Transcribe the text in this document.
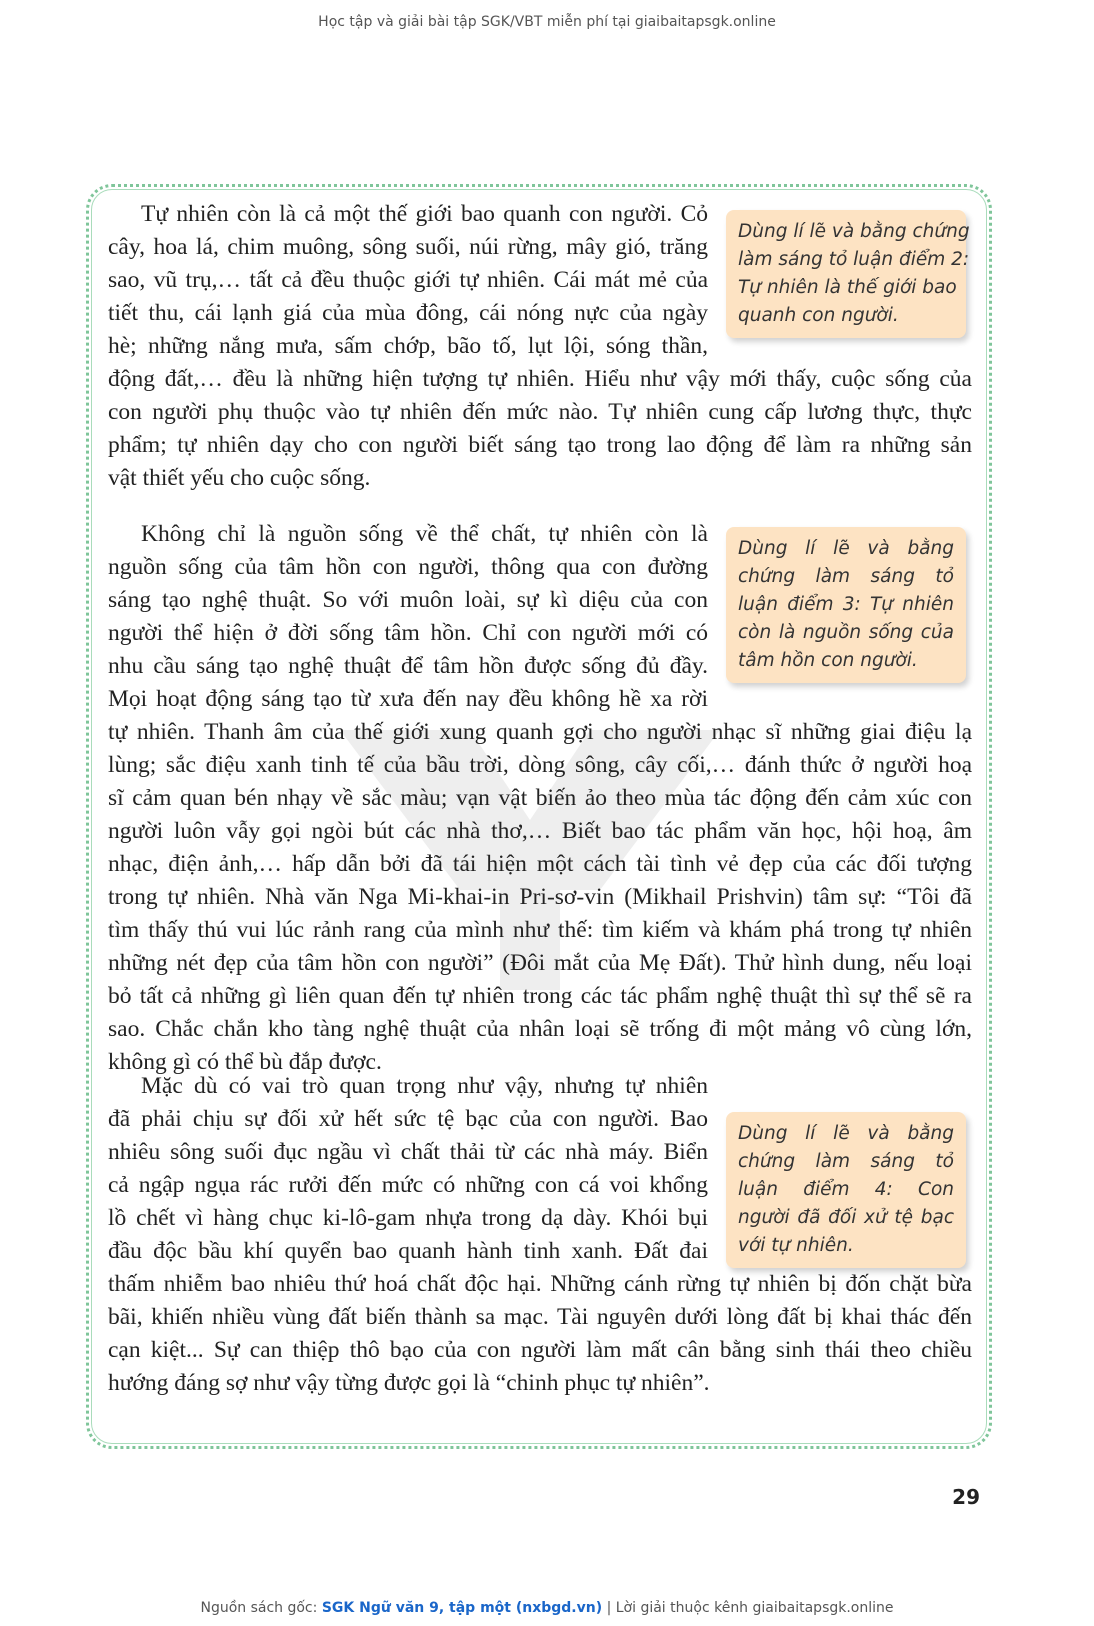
Học tập và giải bài tập SGK/VBT miễn phí tại giaibaitapsgk.online
Tự nhiên còn là cả một thế giới bao quanh con người. Cỏ
cây, hoa lá, chim muông, sông suối, núi rừng, mây gió, trăng
sao, vũ trụ,… tất cả đều thuộc giới tự nhiên. Cái mát mẻ của
tiết thu, cái lạnh giá của mùa đông, cái nóng nực của ngày
hè; những nắng mưa, sấm chớp, bão tố, lụt lội, sóng thần,
động đất,… đều là những hiện tượng tự nhiên. Hiểu như vậy mới thấy, cuộc sống của
con người phụ thuộc vào tự nhiên đến mức nào. Tự nhiên cung cấp lương thực, thực
phẩm; tự nhiên dạy cho con người biết sáng tạo trong lao động để làm ra những sản
vật thiết yếu cho cuộc sống.
Không chỉ là nguồn sống về thể chất, tự nhiên còn là
nguồn sống của tâm hồn con người, thông qua con đường
sáng tạo nghệ thuật. So với muôn loài, sự kì diệu của con
người thể hiện ở đời sống tâm hồn. Chỉ con người mới có
nhu cầu sáng tạo nghệ thuật để tâm hồn được sống đủ đầy.
Mọi hoạt động sáng tạo từ xưa đến nay đều không hề xa rời
tự nhiên. Thanh âm của thế giới xung quanh gợi cho người nhạc sĩ những giai điệu lạ
lùng; sắc điệu xanh tinh tế của bầu trời, dòng sông, cây cối,… đánh thức ở người hoạ
sĩ cảm quan bén nhạy về sắc màu; vạn vật biến ảo theo mùa tác động đến cảm xúc con
người luôn vẫy gọi ngòi bút các nhà thơ,… Biết bao tác phẩm văn học, hội hoạ, âm
nhạc, điện ảnh,… hấp dẫn bởi đã tái hiện một cách tài tình vẻ đẹp của các đối tượng
trong tự nhiên. Nhà văn Nga Mi-khai-in Pri-sơ-vin (Mikhail Prishvin) tâm sự: “Tôi đã
tìm thấy thú vui lúc rảnh rang của mình như thế: tìm kiếm và khám phá trong tự nhiên
những nét đẹp của tâm hồn con người” (Đôi mắt của Mẹ Đất). Thử hình dung, nếu loại
bỏ tất cả những gì liên quan đến tự nhiên trong các tác phẩm nghệ thuật thì sự thể sẽ ra
sao. Chắc chắn kho tàng nghệ thuật của nhân loại sẽ trống đi một mảng vô cùng lớn,
không gì có thể bù đắp được.
Mặc dù có vai trò quan trọng như vậy, nhưng tự nhiên
đã phải chịu sự đối xử hết sức tệ bạc của con người. Bao
nhiêu sông suối đục ngầu vì chất thải từ các nhà máy. Biển
cả ngập ngụa rác rưởi đến mức có những con cá voi khổng
lồ chết vì hàng chục ki-lô-gam nhựa trong dạ dày. Khói bụi
đầu độc bầu khí quyển bao quanh hành tinh xanh. Đất đai
thấm nhiễm bao nhiêu thứ hoá chất độc hại. Những cánh rừng tự nhiên bị đốn chặt bừa
bãi, khiến nhiều vùng đất biến thành sa mạc. Tài nguyên dưới lòng đất bị khai thác đến
cạn kiệt... Sự can thiệp thô bạo của con người làm mất cân bằng sinh thái theo chiều
hướng đáng sợ như vậy từng được gọi là “chinh phục tự nhiên”.
Dùng lí lẽ và bằng chứng
làm sáng tỏ luận điểm 2:
Tự nhiên là thế giới bao
quanh con người.
Dùng lí lẽ và bằng
chứng làm sáng tỏ
luận điểm 3: Tự nhiên
còn là nguồn sống của
tâm hồn con người.
Dùng lí lẽ và bằng
chứng làm sáng tỏ
luận điểm 4: Con
người đã đối xử tệ bạc
với tự nhiên.
29
Nguồn sách gốc: SGK Ngữ văn 9, tập một (nxbgd.vn) | Lời giải thuộc kênh giaibaitapsgk.online
